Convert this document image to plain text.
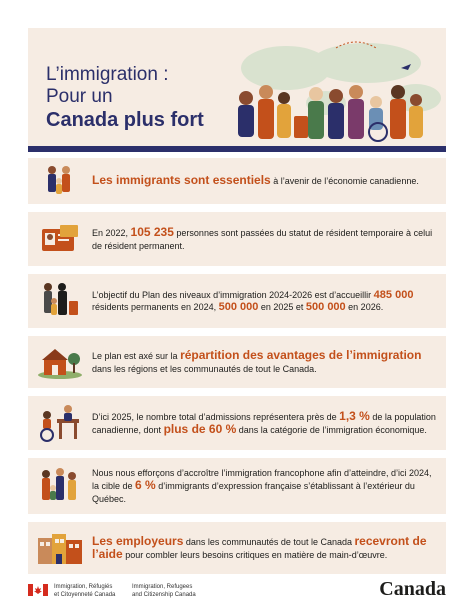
L’immigration :
Pour un
Canada plus fort
Les immigrants sont essentiels à l’avenir de l’économie canadienne.
En 2022, 105 235 personnes sont passées du statut de résident temporaire à celui de résident permanent.
L’objectif du Plan des niveaux d’immigration 2024-2026 est d’accueillir 485 000 résidents permanents en 2024, 500 000 en 2025 et 500 000 en 2026.
Le plan est axé sur la répartition des avantages de l’immigration dans les régions et les communautés de tout le Canada.
D’ici 2025, le nombre total d’admissions représentera près de 1,3 % de la population canadienne, dont plus de 60 % dans la catégorie de l’immigration économique.
Nous nous efforçons d’accroître l’immigration francophone afin d’atteindre, d’ici 2024, la cible de 6 % d’immigrants d’expression française s’établissant à l’extérieur du Québec.
Les employeurs dans les communautés de tout le Canada recevront de l’aide pour combler leurs besoins critiques en matière de main-d’œuvre.
Immigration, Réfugiés
et Citoyenneté Canada
Immigration, Refugees
and Citizenship Canada	Canada
